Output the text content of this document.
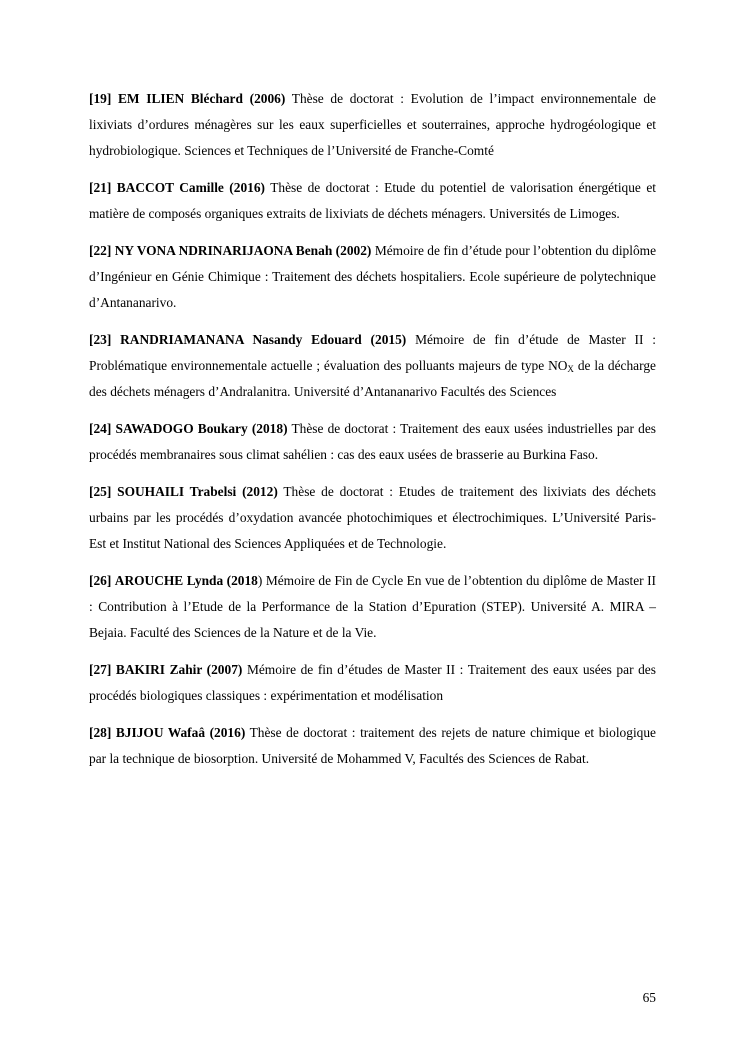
[19] EM ILIEN Bléchard (2006) Thèse de doctorat : Evolution de l’impact environnementale de lixiviats d’ordures ménagères sur les eaux superficielles et souterraines, approche hydrogéologique et hydrobiologique. Sciences et Techniques de l’Université de Franche-Comté

[21] BACCOT Camille (2016) Thèse de doctorat : Etude du potentiel de valorisation énergétique et matière de composés organiques extraits de lixiviats de déchets ménagers. Universités de Limoges.

[22] NY VONA NDRINARIJAONA Benah (2002) Mémoire de fin d’étude pour l’obtention du diplôme d’Ingénieur en Génie Chimique : Traitement des déchets hospitaliers. Ecole supérieure de polytechnique d’Antananarivo.

[23] RANDRIAMANANA Nasandy Edouard (2015) Mémoire de fin d’étude de Master II : Problématique environnementale actuelle ; évaluation des polluants majeurs de type $NO_X$ de la décharge des déchets ménagers d’Andralanitra. Université d’Antananarivo Facultés des Sciences

[24] SAWADOGO Boukary (2018) Thèse de doctorat : Traitement des eaux usées industrielles par des procédés membranaires sous climat sahélien : cas des eaux usées de brasserie au Burkina Faso.

[25] SOUHAILI Trabelsi (2012) Thèse de doctorat : Etudes de traitement des lixiviats des déchets urbains par les procédés d’oxydation avancée photochimiques et électrochimiques. L’Université Paris- Est et Institut National des Sciences Appliquées et de Technologie.

[26] AROUCHE Lynda (2018) Mémoire de Fin de Cycle En vue de l’obtention du diplôme de Master II : Contribution à l’Etude de la Performance de la Station d’Epuration (STEP). Université A. MIRA – Bejaia. Faculté des Sciences de la Nature et de la Vie.

[27] BAKIRI Zahir (2007) Mémoire de fin d’études de Master II : Traitement des eaux usées par des procédés biologiques classiques : expérimentation et modélisation

[28] BJIJOU Wafaâ (2016) Thèse de doctorat : traitement des rejets de nature chimique et biologique par la technique de biosorption. Université de Mohammed V, Facultés des Sciences de Rabat.

65
